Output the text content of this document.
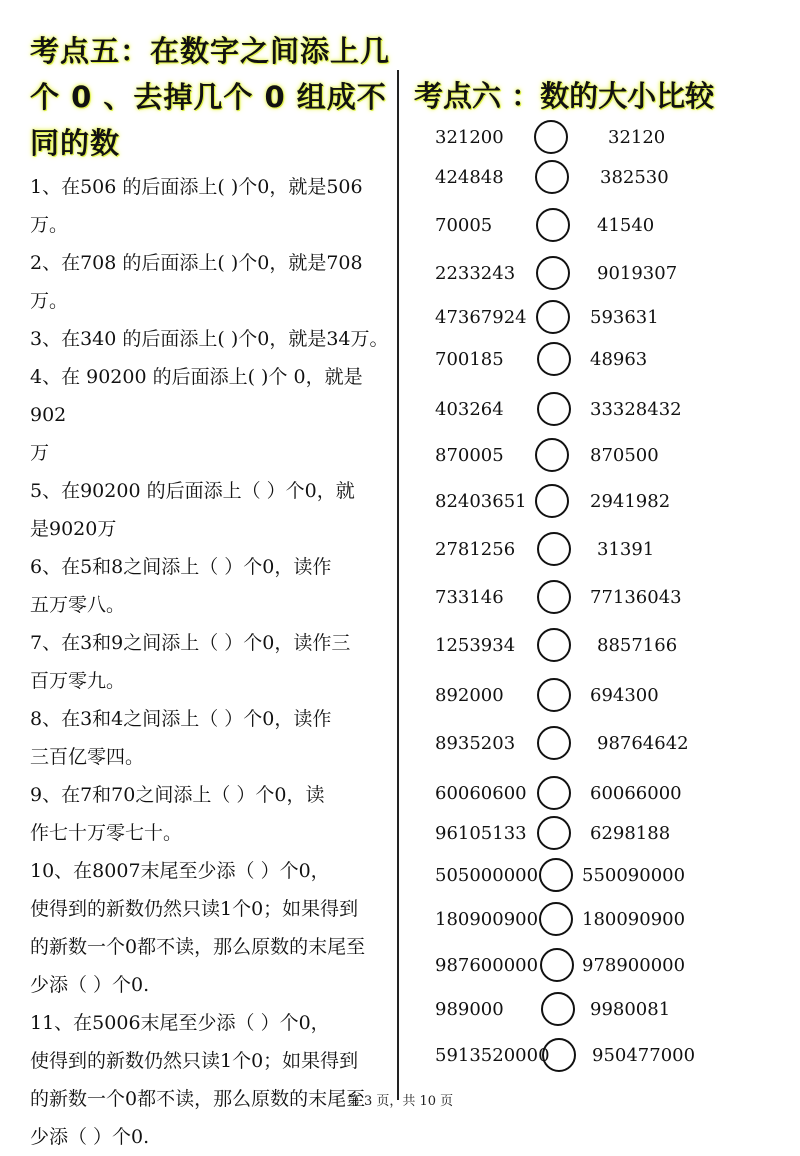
考点五：在数字之间添上几

个 0 、去掉几个 0 组成不

同的数

1、在506 的后面添上( )个0，就是506万。

2、在708 的后面添上( )个0，就是708万。

3、在340 的后面添上( )个0，就是34万。

4、在 90200 的后面添上( )个 0，就是 902

万

5、在90200 的后面添上（ ）个0，就

是9020万

6、在5和8之间添上（ ）个0，读作

五万零八。

7、在3和9之间添上（ ）个0，读作三

百万零九。

8、在3和4之间添上（ ）个0，读作

三百亿零四。

9、在7和70之间添上（ ）个0，读

作七十万零七十。

10、在8007末尾至少添（ ）个0，

使得到的新数仍然只读1个0；如果得到

的新数一个0都不读，那么原数的末尾至

少添（ ）个0.

11、在5006末尾至少添（ ）个0，

使得到的新数仍然只读1个0；如果得到

的新数一个0都不读，那么原数的末尾至

少添（ ）个0.

考点六 ：数的大小比较

321200	32120
424848	382530
70005	41540
2233243	9019307
47367924	593631
700185	48963
403264	33328432
870005	870500
82403651	2941982
2781256	31391
733146	77136043
1253934	8857166
892000	694300
8935203	98764642
60060600	60066000
96105133	6298188
505000000 550090000
180900900 180090900
987600000 978900000
989000	9980081
5913520000 950477000
第 3 页，共 10 页
